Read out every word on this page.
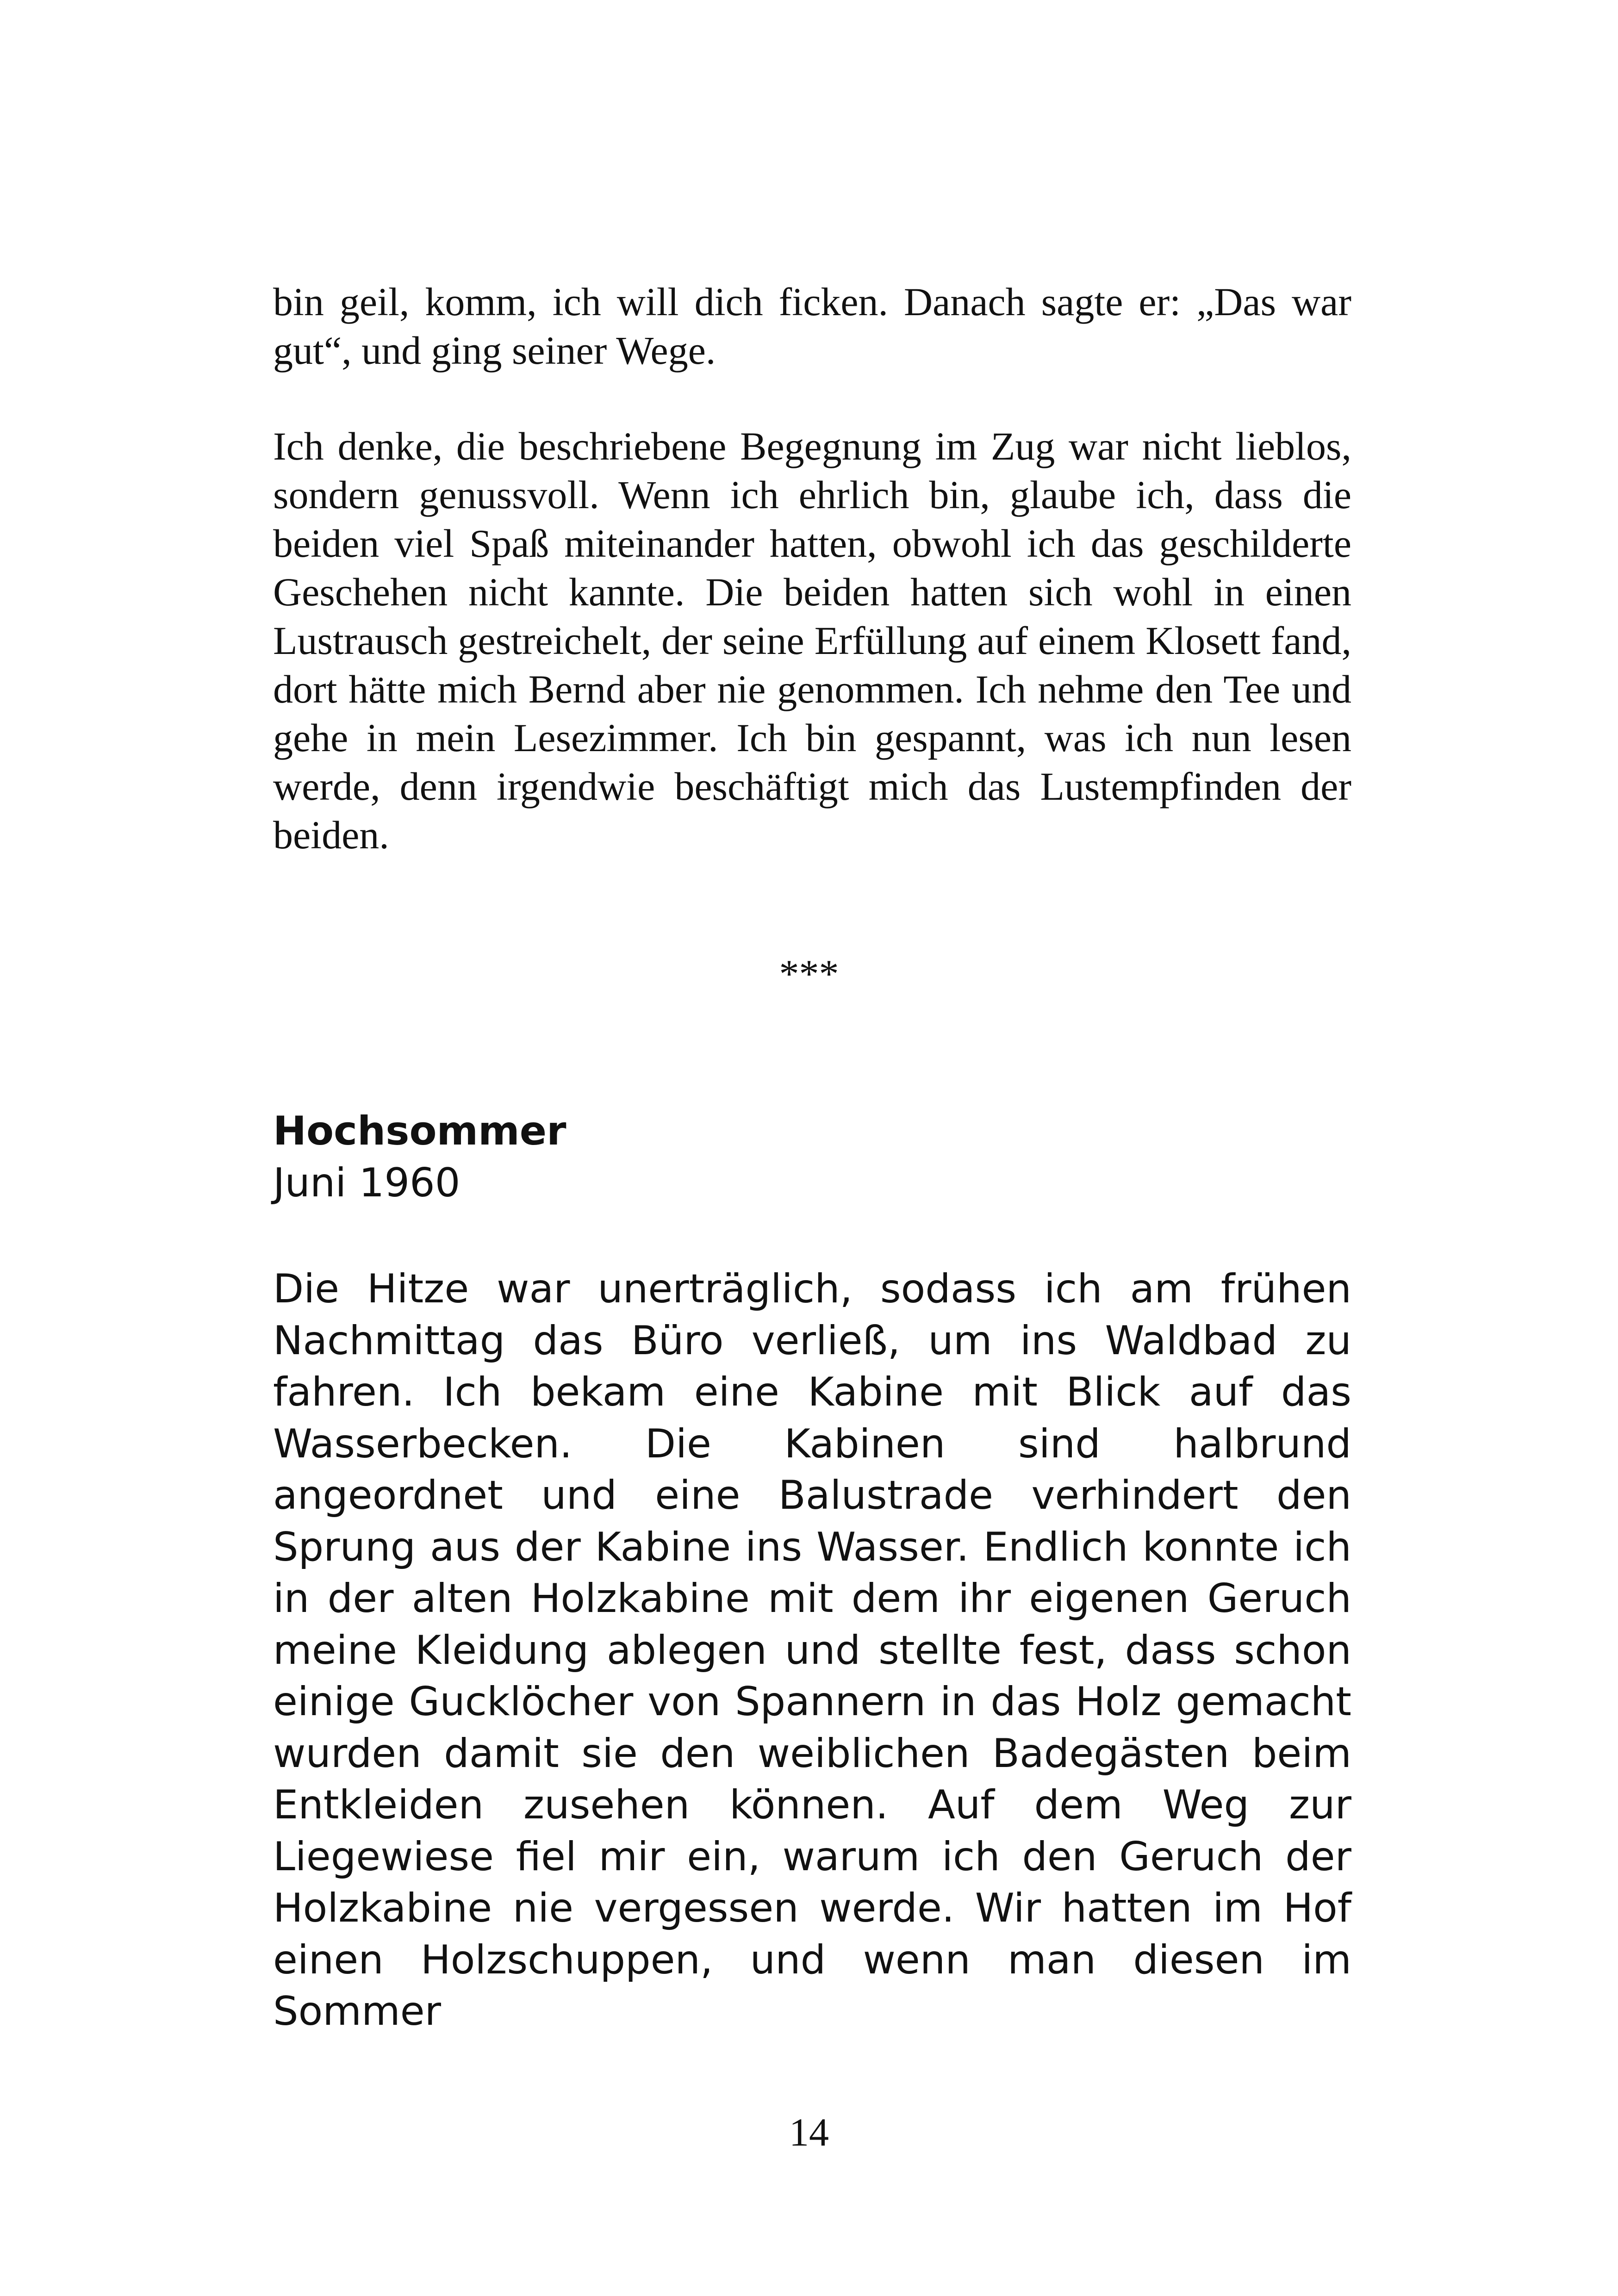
bin geil, komm, ich will dich ficken. Danach sagte er: „Das war gut“, und ging seiner Wege.

Ich denke, die beschriebene Begegnung im Zug war nicht lieblos, sondern genussvoll. Wenn ich ehrlich bin, glaube ich, dass die beiden viel Spaß miteinander hatten, obwohl ich das geschilderte Geschehen nicht kannte. Die beiden hatten sich wohl in einen Lustrausch gestreichelt, der seine Erfüllung auf einem Klosett fand, dort hätte mich Bernd aber nie genommen. Ich nehme den Tee und gehe in mein Lesezimmer. Ich bin gespannt, was ich nun lesen werde, denn irgendwie beschäftigt mich das Lustempfinden der beiden.

***
Hochsommer
Juni 1960

Die Hitze war unerträglich, sodass ich am frühen Nachmittag das Büro verließ, um ins Waldbad zu fahren. Ich bekam eine Kabine mit Blick auf das Wasserbecken. Die Kabinen sind halbrund angeordnet und eine Balustrade verhindert den Sprung aus der Kabine ins Wasser. Endlich konnte ich in der alten Holzkabine mit dem ihr eigenen Geruch meine Kleidung ablegen und stellte fest, dass schon einige Gucklöcher von Spannern in das Holz gemacht wurden damit sie den weiblichen Badegästen beim Entkleiden zusehen können. Auf dem Weg zur Liegewiese fiel mir ein, warum ich den Geruch der Holzkabine nie vergessen werde. Wir hatten im Hof einen Holzschuppen, und wenn man diesen im Sommer

14
